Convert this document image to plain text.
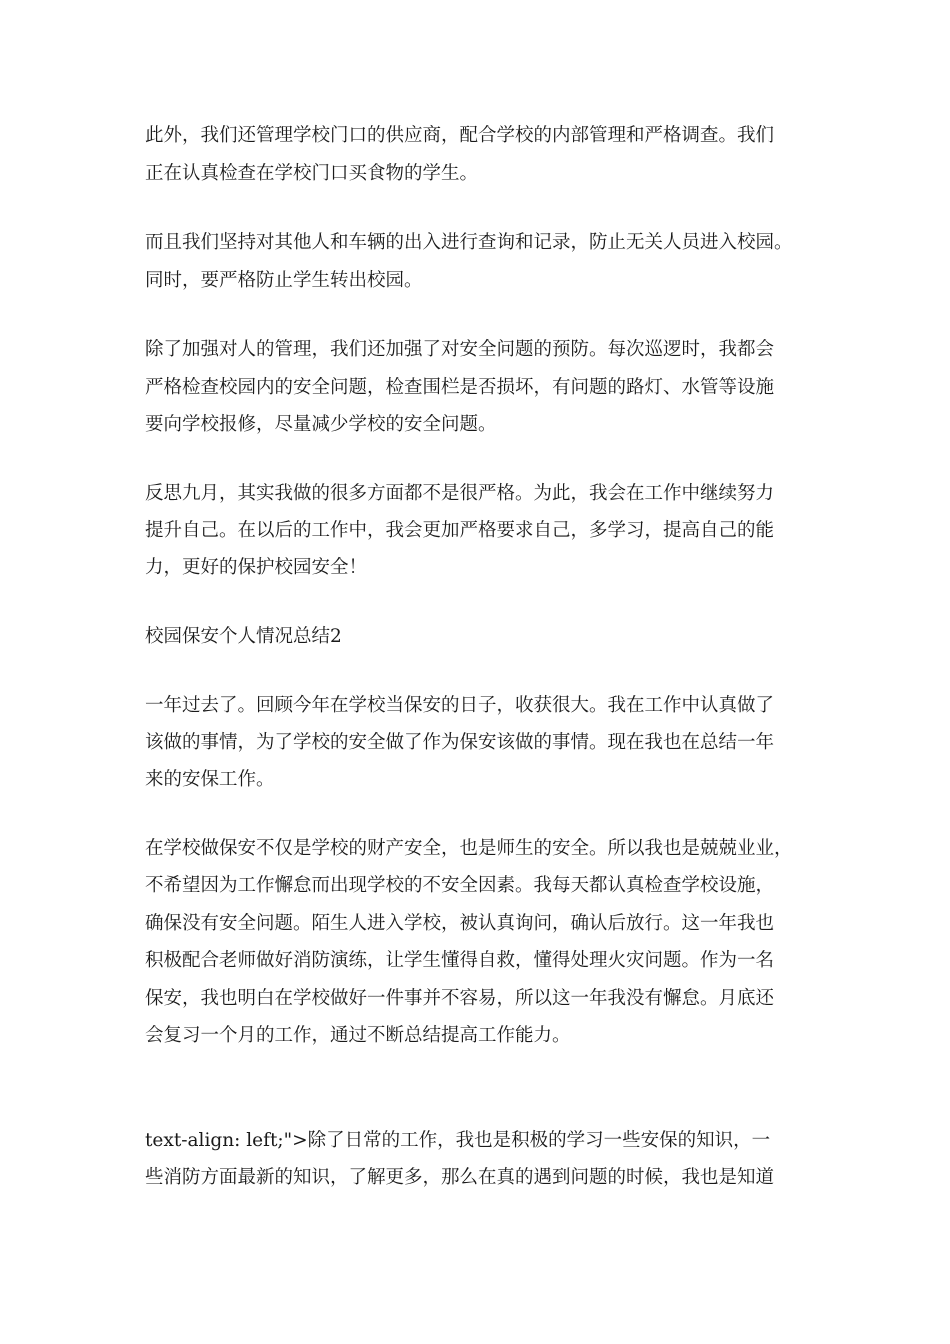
此外，我们还管理学校门口的供应商，配合学校的内部管理和严格调查。我们
正在认真检查在学校门口买食物的学生。
而且我们坚持对其他人和车辆的出入进行查询和记录，防止无关人员进入校园。
同时，要严格防止学生转出校园。
除了加强对人的管理，我们还加强了对安全问题的预防。每次巡逻时，我都会
严格检查校园内的安全问题，检查围栏是否损坏，有问题的路灯、水管等设施
要向学校报修，尽量减少学校的安全问题。
反思九月，其实我做的很多方面都不是很严格。为此，我会在工作中继续努力
提升自己。在以后的工作中，我会更加严格要求自己，多学习，提高自己的能
力，更好的保护校园安全！
校园保安个人情况总结2
一年过去了。回顾今年在学校当保安的日子，收获很大。我在工作中认真做了
该做的事情，为了学校的安全做了作为保安该做的事情。现在我也在总结一年
来的安保工作。
在学校做保安不仅是学校的财产安全，也是师生的安全。所以我也是兢兢业业，
不希望因为工作懈怠而出现学校的不安全因素。我每天都认真检查学校设施，
确保没有安全问题。陌生人进入学校，被认真询问，确认后放行。这一年我也
积极配合老师做好消防演练，让学生懂得自救，懂得处理火灾问题。作为一名
保安，我也明白在学校做好一件事并不容易，所以这一年我没有懈怠。月底还
会复习一个月的工作，通过不断总结提高工作能力。
text-align: left;">除了日常的工作，我也是积极的学习一些安保的知识，一
些消防方面最新的知识，了解更多，那么在真的遇到问题的时候，我也是知道
